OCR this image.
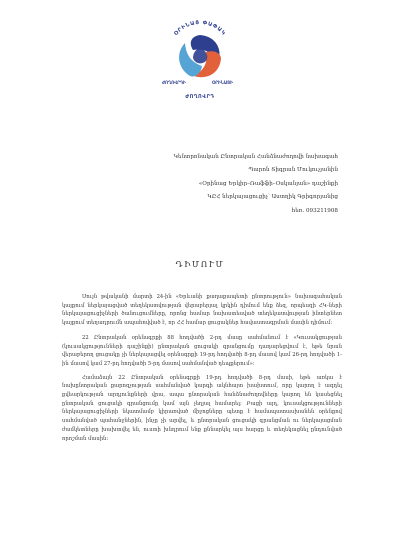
ՕՐԻՆԱՑ ՓԱՓԱԿ
ԺՈՂՈՎՐԴԻ	ՕՐԻՆԱՑԻ
ԺՈՂՈՎՐԴ
Կենտրոնական Ընտրական Հանձնաժողովի նախագահ
Պարոն Տիգրան Մուկուչյանին
«Օրինաց Երկիր–Ռաֆֆի–Օսկանյան» դաշինքի
ԿԸՀ ներկայացուցիչ՝ Աստղիկ Գրիգորյանից
հեռ. 093211908
ԴԻՄՈՒՄ

Սույն թվականի մարտի 24-ին «Երևանի քաղաքապետի ընտրություն» նախագահական կայքում ներկայացված տեղեկատվության վերաբերյալ կրկին դիմում ենք ձեզ, որպեսզի ՀԿ-ների ներկայացուցիչների ծանուցումները, որոնց համար նախատեսված տեղեկատվության ինտերնետ կայքում տեղադրումն ապահովված է, որ ՀՀ համար ցուցակներ հավաստագրման մասին դիմում։

22 Ընտրական օրենսգրքի 88 հոդվածի 2-րդ մասը սահմանում է «Կուսակցության (կուսակցությունների դաշինքի) ընտրական ցուցակի գրանցումը դադարեցվում է, եթե նրան վերաբերող ցուցակը չի ներկայացվել օրենսգրքի 19-րդ հոդվածի 8-րդ մասով կամ 26-րդ հոդվածի 1-ին մասով կամ 27-րդ հոդվածի 5-րդ մասով սահմանված դեպքերում»։

Համաձայն 22 Ընտրական օրենսգրքի 19-րդ հոդվածի 8-րդ մասի, եթե առկա է նախընտրական քարոզչության սահմանված կարգի ակնհայտ խախտում, որը կարող է ազդել քվեարկության արդյունքների վրա, ապա ընտրական հանձնաժողովները կարող են կասեցնել ընտրական ցուցակի գրանցումը կամ այն չեղյալ համարել։ Բացի այդ, կուսակցությունների ներկայացուցիչների նկատմամբ կիրառված միջոցները պետք է համապատասխանեն օրենքով սահմանված պահանջներին, ինչը չի արվել, և ընտրական ցուցակի գրանցման ու ներկայացման ժամկետները խախտվել են, ուստի խնդրում ենք քննարկել այս հարցը և տեղեկացնել ընդունված որոշման մասին։
